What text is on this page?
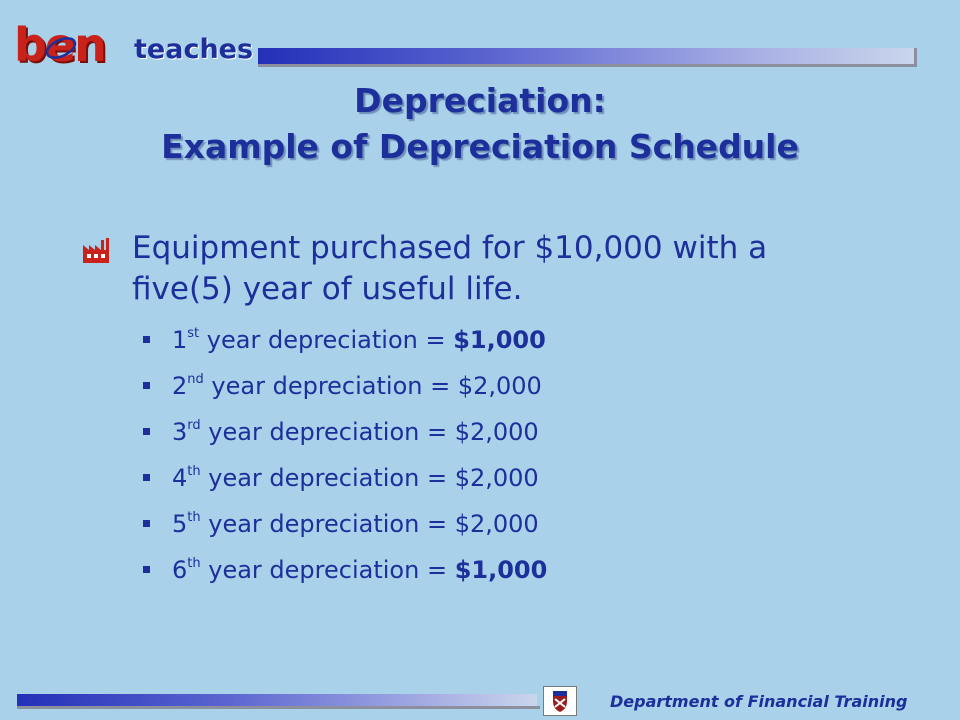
ben teaches
Depreciation:
Example of Depreciation Schedule
Equipment purchased for $10,000 with a
five(5) year of useful life.
1st year depreciation = $1,000
2nd year depreciation = $2,000
3rd year depreciation = $2,000
4th year depreciation = $2,000
5th year depreciation = $2,000
6th year depreciation = $1,000
Department of Financial Training
